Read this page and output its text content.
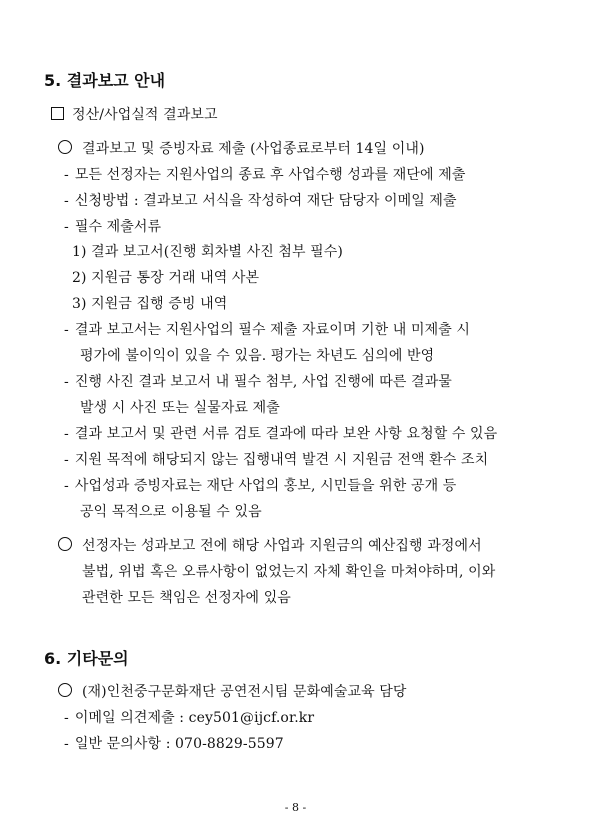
5. 결과보고 안내
정산/사업실적 결과보고
결과보고 및 증빙자료 제출 (사업종료로부터 14일 이내)
- 모든 선정자는 지원사업의 종료 후 사업수행 성과를 재단에 제출
- 신청방법 : 결과보고 서식을 작성하여 재단 담당자 이메일 제출
- 필수 제출서류
1) 결과 보고서(진행 회차별 사진 첨부 필수)
2) 지원금 통장 거래 내역 사본
3) 지원금 집행 증빙 내역
- 결과 보고서는 지원사업의 필수 제출 자료이며 기한 내 미제출 시
평가에 불이익이 있을 수 있음. 평가는 차년도 심의에 반영
- 진행 사진 결과 보고서 내 필수 첨부, 사업 진행에 따른 결과물
발생 시 사진 또는 실물자료 제출
- 결과 보고서 및 관련 서류 검토 결과에 따라 보완 사항 요청할 수 있음
- 지원 목적에 해당되지 않는 집행내역 발견 시 지원금 전액 환수 조치
- 사업성과 증빙자료는 재단 사업의 홍보, 시민들을 위한 공개 등
공익 목적으로 이용될 수 있음
선정자는 성과보고 전에 해당 사업과 지원금의 예산집행 과정에서
불법, 위법 혹은 오류사항이 없었는지 자체 확인을 마쳐야하며, 이와
관련한 모든 책임은 선정자에 있음
6. 기타문의
(재)인천중구문화재단 공연전시팀 문화예술교육 담당
- 이메일 의견제출 : cey501@ijcf.or.kr
- 일반 문의사항 : 070-8829-5597
- 8 -
